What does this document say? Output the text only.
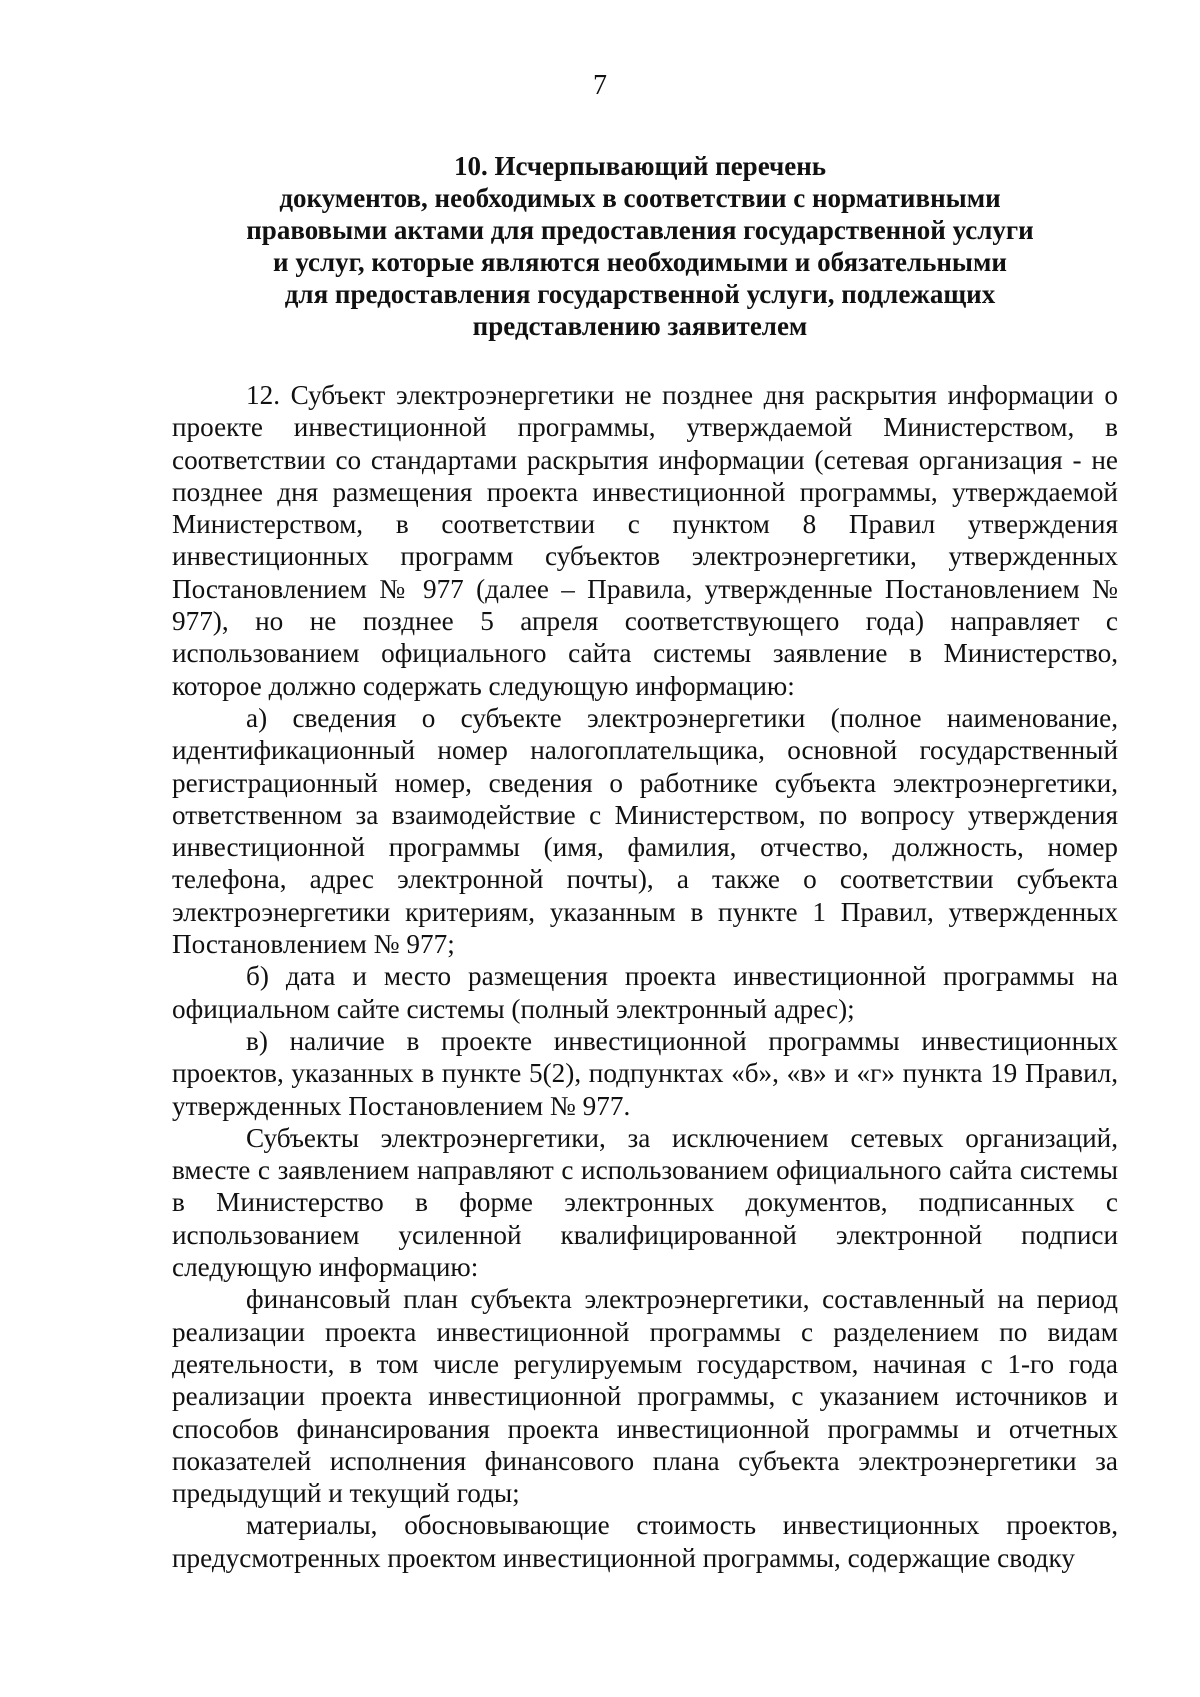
7
10. Исчерпывающий перечень
документов, необходимых в соответствии с нормативными
правовыми актами для предоставления государственной услуги
и услуг, которые являются необходимыми и обязательными
для предоставления государственной услуги, подлежащих
представлению заявителем

12. Субъект электроэнергетики не позднее дня раскрытия информации о проекте инвестиционной программы, утверждаемой Министерством, в соответствии со стандартами раскрытия информации (сетевая организация - не позднее дня размещения проекта инвестиционной программы, утверждаемой Министерством, в соответствии с пунктом 8 Правил утверждения инвестиционных программ субъектов электроэнергетики, утвержденных Постановлением № 977 (далее – Правила, утвержденные Постановлением № 977), но не позднее 5 апреля соответствующего года) направляет с использованием официального сайта системы заявление в Министерство, которое должно содержать следующую информацию:

а) сведения о субъекте электроэнергетики (полное наименование, идентификационный номер налогоплательщика, основной государственный регистрационный номер, сведения о работнике субъекта электроэнергетики, ответственном за взаимодействие с Министерством, по вопросу утверждения инвестиционной программы (имя, фамилия, отчество, должность, номер телефона, адрес электронной почты), а также о соответствии субъекта электроэнергетики критериям, указанным в пункте 1 Правил, утвержденных Постановлением № 977;

б) дата и место размещения проекта инвестиционной программы на официальном сайте системы (полный электронный адрес);

в) наличие в проекте инвестиционной программы инвестиционных проектов, указанных в пункте 5(2), подпунктах «б», «в» и «г» пункта 19 Правил, утвержденных Постановлением № 977.

Субъекты электроэнергетики, за исключением сетевых организаций, вместе с заявлением направляют с использованием официального сайта системы в Министерство в форме электронных документов, подписанных с использованием усиленной квалифицированной электронной подписи следующую информацию:

финансовый план субъекта электроэнергетики, составленный на период реализации проекта инвестиционной программы с разделением по видам деятельности, в том числе регулируемым государством, начиная с 1-го года реализации проекта инвестиционной программы, с указанием источников и способов финансирования проекта инвестиционной программы и отчетных показателей исполнения финансового плана субъекта электроэнергетики за предыдущий и текущий годы;

материалы, обосновывающие стоимость инвестиционных проектов, предусмотренных проектом инвестиционной программы, содержащие сводку
